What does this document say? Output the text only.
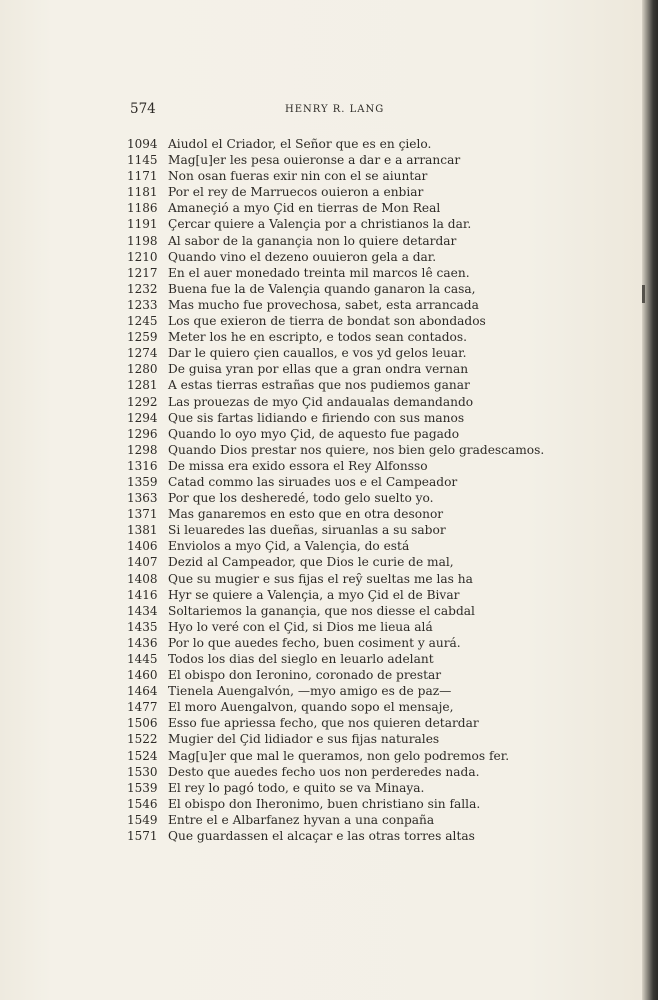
574	HENRY R. LANG
1094 Aiudol el Criador, el Señor que es en çielo.
1145 Mag[u]er les pesa ouieronse a dar e a arrancar
1171 Non osan fueras exir nin con el se aiuntar
1181 Por el rey de Marruecos ouieron a enbiar
1186 Amaneçió a myo Çid en tierras de Mon Real
1191 Çercar quiere a Valençia por a christianos la dar.
1198 Al sabor de la ganançia non lo quiere detardar
1210 Quando vino el dezeno ouuieron gela a dar.
1217 En el auer monedado treinta mil marcos lê caen.
1232 Buena fue la de Valençia quando ganaron la casa,
1233 Mas mucho fue provechosa, sabet, esta arrancada
1245 Los que exieron de tierra de bondat son abondados
1259 Meter los he en escripto, e todos sean contados.
1274 Dar le quiero çien cauallos, e vos yd gelos leuar.
1280 De guisa yran por ellas que a gran ondra vernan
1281 A estas tierras estrañas que nos pudiemos ganar
1292 Las prouezas de myo Çid andaualas demandando
1294 Que sis fartas lidiando e firiendo con sus manos
1296 Quando lo oyo myo Çid, de aquesto fue pagado
1298 Quando Dios prestar nos quiere, nos bien gelo gradescamos.
1316 De missa era exido essora el Rey Alfonsso
1359 Catad commo las siruades uos e el Campeador
1363 Por que los desheredé, todo gelo suelto yo.
1371 Mas ganaremos en esto que en otra desonor
1381 Si leuaredes las dueñas, siruanlas a su sabor
1406 Enviolos a myo Çid, a Valençia, do está
1407 Dezid al Campeador, que Dios le curie de mal,
1408 Que su mugier e sus fijas el rey̑ sueltas me las ha
1416 Hyr se quiere a Valençia, a myo Çid el de Bivar
1434 Soltariemos la ganançia, que nos diesse el cabdal
1435 Hyo lo veré con el Çid, si Dios me lieua alá
1436 Por lo que auedes fecho, buen cosiment y aurá.
1445 Todos los dias del sieglo en leuarlo adelant
1460 El obispo don Ieronino, coronado de prestar
1464 Tienela Auengalvón, —myo amigo es de paz—
1477 El moro Auengalvon, quando sopo el mensaje,
1506 Esso fue apriessa fecho, que nos quieren detardar
1522 Mugier del Çid lidiador e sus fijas naturales
1524 Mag[u]er que mal le queramos, non gelo podremos fer.
1530 Desto que auedes fecho uos non perderedes nada.
1539 El rey lo pagó todo, e quito se va Minaya.
1546 El obispo don Iheronimo, buen christiano sin falla.
1549 Entre el e Albarfanez hyvan a una conpaña
1571 Que guardassen el alcaçar e las otras torres altas
